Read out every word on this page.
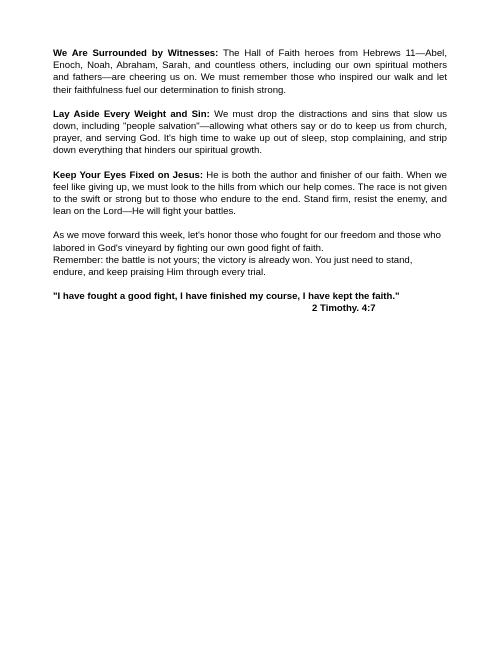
We Are Surrounded by Witnesses: The Hall of Faith heroes from Hebrews 11—Abel, Enoch, Noah, Abraham, Sarah, and countless others, including our own spiritual mothers and fathers—are cheering us on. We must remember those who inspired our walk and let their faithfulness fuel our determination to finish strong.

Lay Aside Every Weight and Sin: We must drop the distractions and sins that slow us down, including "people salvation"—allowing what others say or do to keep us from church, prayer, and serving God. It's high time to wake up out of sleep, stop complaining, and strip down everything that hinders our spiritual growth.

Keep Your Eyes Fixed on Jesus: He is both the author and finisher of our faith. When we feel like giving up, we must look to the hills from which our help comes. The race is not given to the swift or strong but to those who endure to the end. Stand firm, resist the enemy, and lean on the Lord—He will fight your battles.

As we move forward this week, let's honor those who fought for our freedom and those who labored in God's vineyard by fighting our own good fight of faith.
Remember: the battle is not yours; the victory is already won. You just need to stand, endure, and keep praising Him through every trial.

"I have fought a good fight, I have finished my course, I have kept the faith."

2 Timothy. 4:7
